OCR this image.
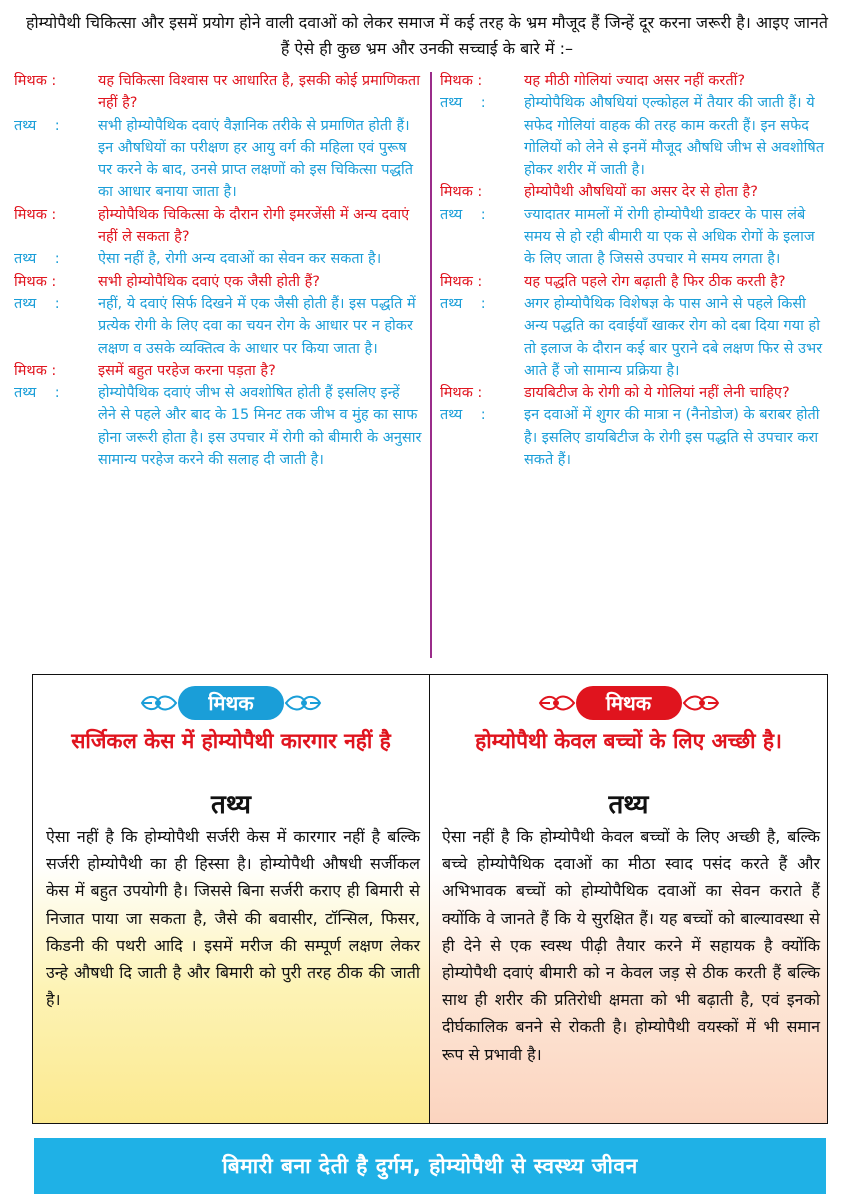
होम्योपैथी चिकित्सा और इसमें प्रयोग होने वाली दवाओं को लेकर समाज में कई तरह के भ्रम मौजूद हैं जिन्हें दूर करना जरूरी है। आइए जानते हैं ऐसे ही कुछ भ्रम और उनकी सच्चाई के बारे में :–
मिथक :	यह चिकित्सा विश्वास पर आधारित है, इसकी कोई प्रमाणिकता नहीं है?
तथ्य    :	सभी होम्योपैथिक दवाएं वैज्ञानिक तरीके से प्रमाणित होती हैं। इन औषधियों का परीक्षण हर आयु वर्ग की महिला एवं पुरूष पर करने के बाद, उनसे प्राप्त लक्षणों को इस चिकित्सा पद्धति का आधार बनाया जाता है।
मिथक :	होम्योपैथिक चिकित्सा के दौरान रोगी इमरजेंसी में अन्य दवाएं नहीं ले सकता है?
तथ्य    :	ऐसा नहीं है, रोगी अन्य दवाओं का सेवन कर सकता है।
मिथक :	सभी होम्योपैथिक दवाएं एक जैसी होती हैं?
तथ्य    :	नहीं, ये दवाएं सिर्फ दिखने में एक जैसी होती हैं। इस पद्धति में प्रत्येक रोगी के लिए दवा का चयन रोग के आधार पर न होकर लक्षण व उसके व्यक्तित्व के आधार पर किया जाता है।
मिथक :	इसमें बहुत परहेज करना पड़ता है?
तथ्य    :	होम्योपैथिक दवाएं जीभ से अवशोषित होती हैं इसलिए इन्हें लेने से पहले और बाद के 15 मिनट तक जीभ व मुंह का साफ होना जरूरी होता है। इस उपचार में रोगी को बीमारी के अनुसार सामान्य परहेज करने की सलाह दी जाती है।
मिथक :	यह मीठी गोलियां ज्यादा असर नहीं करतीं?
तथ्य    :	होम्योपैथिक औषधियां एल्कोहल में तैयार की जाती हैं। ये सफेद गोलियां वाहक की तरह काम करती हैं। इन सफेद गोलियों को लेने से इनमें मौजूद औषधि जीभ से अवशोषित होकर शरीर में जाती है।
मिथक :	होम्योपैथी औषधियों का असर देर से होता है?
तथ्य    :	ज्यादातर मामलों में रोगी होम्योपैथी डाक्टर के पास लंबे समय से हो रही बीमारी या एक से अधिक रोगों के इलाज के लिए जाता है जिससे उपचार मे समय लगता है।
मिथक :	यह पद्धति पहले रोग बढ़ाती है फिर ठीक करती है?
तथ्य    :	अगर होम्योपैथिक विशेषज्ञ के पास आने से पहले किसी अन्य पद्धति का दवाईयाँ खाकर रोग को दबा दिया गया हो तो इलाज के दौरान कई बार पुराने दबे लक्षण फिर से उभर आते हैं जो सामान्य प्रक्रिया है।
मिथक :	डायबिटीज के रोगी को ये गोलियां नहीं लेनी चाहिए?
तथ्य    :	इन दवाओं में शुगर की मात्रा न (नैनोडोज) के बराबर होती है। इसलिए डायबिटीज के रोगी इस पद्धति से उपचार करा सकते हैं।
मिथक
सर्जिकल केस में होम्योपैथी कारगार नहीं है
तथ्य
ऐसा नहीं है कि होम्योपैथी सर्जरी केस में कारगार नहीं है बल्कि सर्जरी होम्योपैथी का ही हिस्सा है। होम्योपैथी औषधी सर्जीकल केस में बहुत उपयोगी है। जिससे बिना सर्जरी कराए ही बिमारी से निजात पाया जा सकता है, जैसे की बवासीर, टॉन्सिल, फिसर, किडनी की पथरी आदि । इसमें मरीज की सम्पूर्ण लक्षण लेकर उन्हे औषधी दि जाती है और बिमारी को पुरी तरह ठीक की जाती है।
मिथक
होम्योपैथी केवल बच्चों के लिए अच्छी है।
तथ्य
ऐसा नहीं है कि होम्योपैथी केवल बच्चों के लिए अच्छी है, बल्कि बच्चे होम्योपैथिक दवाओं का मीठा स्वाद पसंद करते हैं और अभिभावक बच्चों को होम्योपैथिक दवाओं का सेवन कराते हैं क्योंकि वे जानते हैं कि ये सुरक्षित हैं। यह बच्चों को बाल्यावस्था से ही देने से एक स्वस्थ पीढ़ी तैयार करने में सहायक है क्योंकि होम्योपैथी दवाएं बीमारी को न केवल जड़ से ठीक करती हैं बल्कि साथ ही शरीर की प्रतिरोधी क्षमता को भी बढ़ाती है, एवं इनको दीर्घकालिक बनने से रोकती है। होम्योपैथी वयस्कों में भी समान रूप से प्रभावी है।
बिमारी बना देती है दुर्गम, होम्योपैथी से स्वस्थ्य जीवन
